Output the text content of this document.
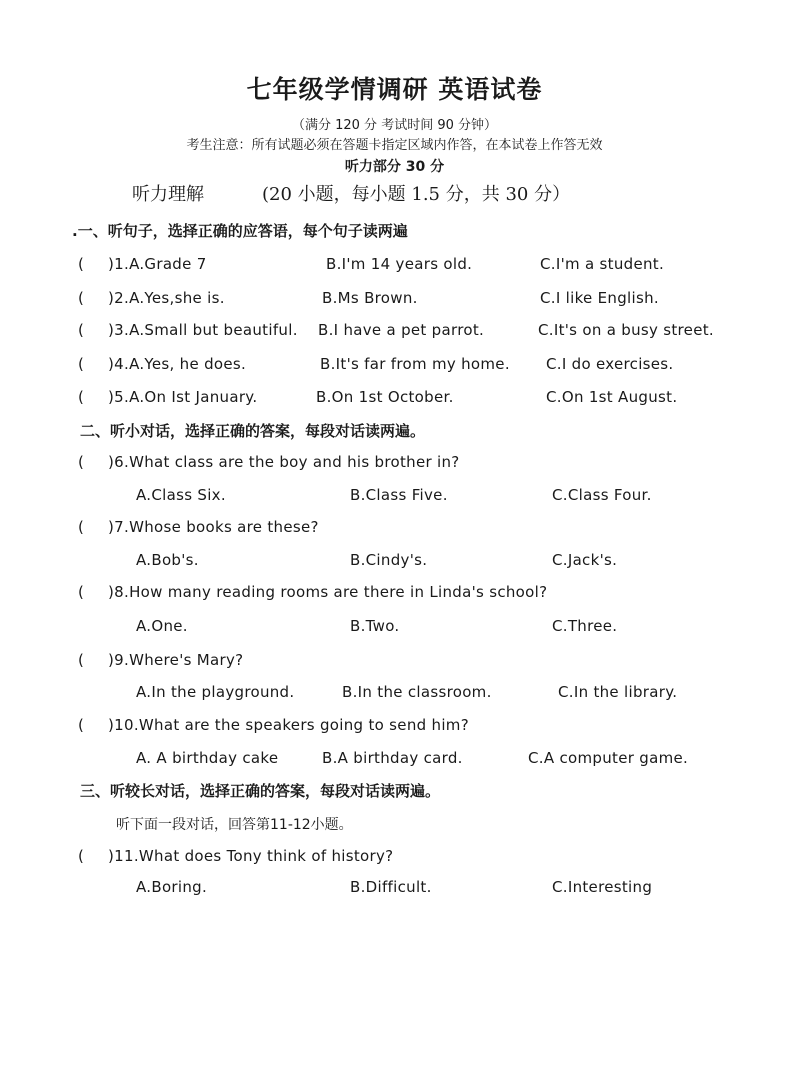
七年级学情调研 英语试卷
（满分 120 分 考试时间 90 分钟）
考生注意：所有试题必须在答题卡指定区域内作答，在本试卷上作答无效
听力部分 30 分
听力理解	(20 小题，每小题 1.5 分，共 30 分）
.一、听句子，选择正确的应答语，每个句子读两遍
( )1.A.Grade 7	B.I'm 14 years old.	C.I'm a student.
( )2.A.Yes,she is.	B.Ms Brown.	C.I like English.
( )3.A.Small but beautiful. B.I have a pet parrot.	C.It's on a busy street.
( )4.A.Yes, he does.	B.It's far from my home. C.I do exercises.
( )5.A.On Ist January.	B.On 1st October.	C.On 1st August.
二、听小对话，选择正确的答案，每段对话读两遍。
( )6.What class are the boy and his brother in?
A.Class Six.	B.Class Five.	C.Class Four.
( )7.Whose books are these?
A.Bob's.	B.Cindy's.	C.Jack's.
( )8.How many reading rooms are there in Linda's school?
A.One.	B.Two.	C.Three.
( )9.Where's Mary?
A.In the playground.	B.In the classroom.	C.In the library.
( )10.What are the speakers going to send him?
A. A birthday cake	B.A birthday card.	C.A computer game.
三、听较长对话，选择正确的答案，每段对话读两遍。
听下面一段对话，回答第11-12小题。
( )11.What does Tony think of history?
A.Boring.	B.Difficult.	C.Interesting
